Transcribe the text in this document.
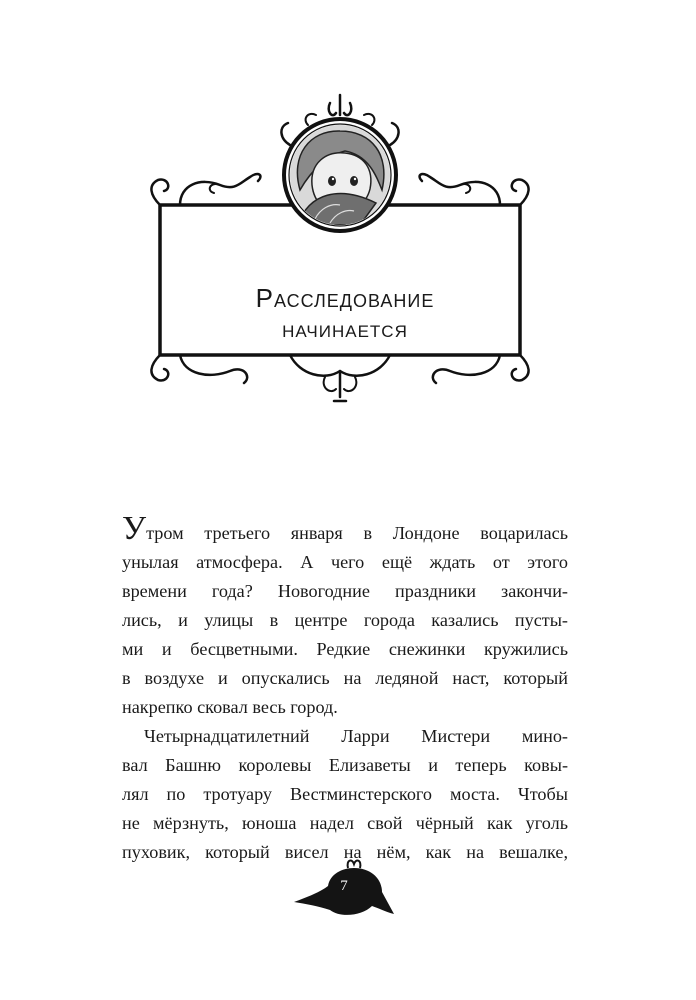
Расследование
начинается

Утром третьего января в Лондоне воцарилась
унылая атмосфера. А чего ещё ждать от этого
времени года? Новогодние праздники закончи-
лись, и улицы в центре города казались пусты-
ми и бесцветными. Редкие снежинки кружились
в воздухе и опускались на ледяной наст, который
накрепко сковал весь город.

Четырнадцатилетний Ларри Мистери мино-
вал Башню королевы Елизаветы и теперь ковы-
лял по тротуару Вестминстерского моста. Чтобы
не мёрзнуть, юноша надел свой чёрный как уголь
пуховик, который висел на нём, как на вешалке,

7
